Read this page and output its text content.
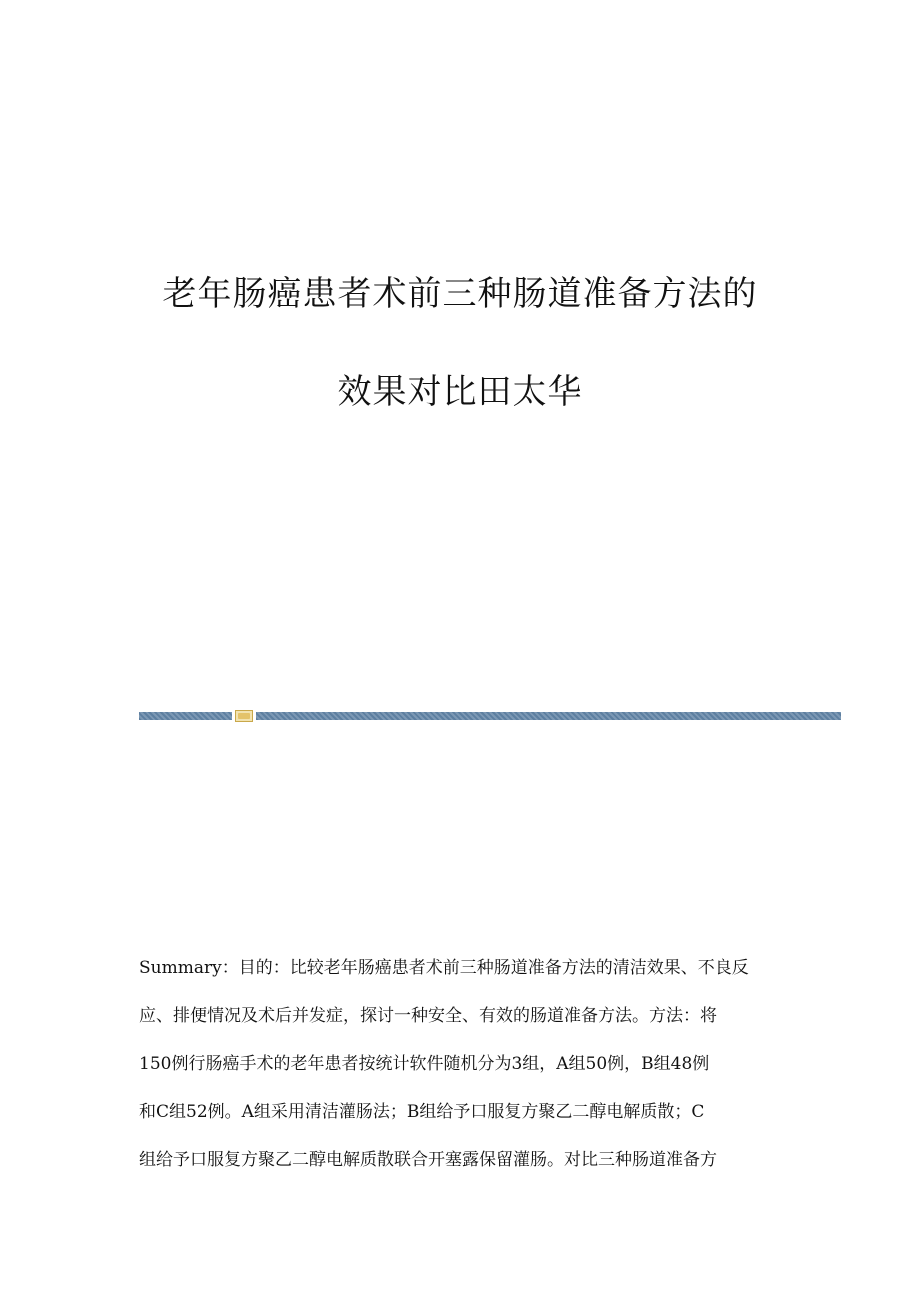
老年肠癌患者术前三种肠道准备方法的
效果对比田太华
Summary：目的：比较老年肠癌患者术前三种肠道准备方法的清洁效果、不良反
应、排便情况及术后并发症，探讨一种安全、有效的肠道准备方法。方法：将
150例行肠癌手术的老年患者按统计软件随机分为3组，A组50例，B组48例
和C组52例。A组采用清洁灌肠法；B组给予口服复方聚乙二醇电解质散；C
组给予口服复方聚乙二醇电解质散联合开塞露保留灌肠。对比三种肠道准备方
